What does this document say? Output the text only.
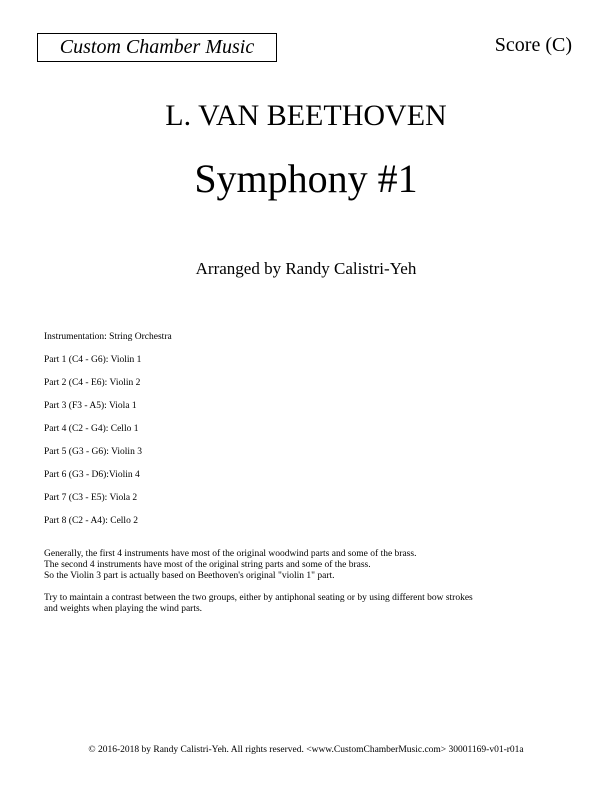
Custom Chamber Music	Score (C)
L. VAN BEETHOVEN
Symphony #1
Arranged by Randy Calistri-Yeh
Instrumentation: String Orchestra
Part 1 (C4 - G6): Violin 1
Part 2 (C4 - E6): Violin 2
Part 3 (F3 - A5): Viola 1
Part 4 (C2 - G4): Cello 1
Part 5 (G3 - G6): Violin 3
Part 6 (G3 - D6):Violin 4
Part 7 (C3 - E5): Viola 2
Part 8 (C2 - A4): Cello 2
Generally, the first 4 instruments have most of the original woodwind parts and some of the brass.
The second 4 instruments have most of the original string parts and some of the brass.
So the Violin 3 part is actually based on Beethoven's original "violin 1" part.
Try to maintain a contrast between the two groups, either by antiphonal seating or by using different bow strokes
and weights when playing the wind parts.
© 2016-2018 by Randy Calistri-Yeh. All rights reserved. <www.CustomChamberMusic.com> 30001169-v01-r01a
